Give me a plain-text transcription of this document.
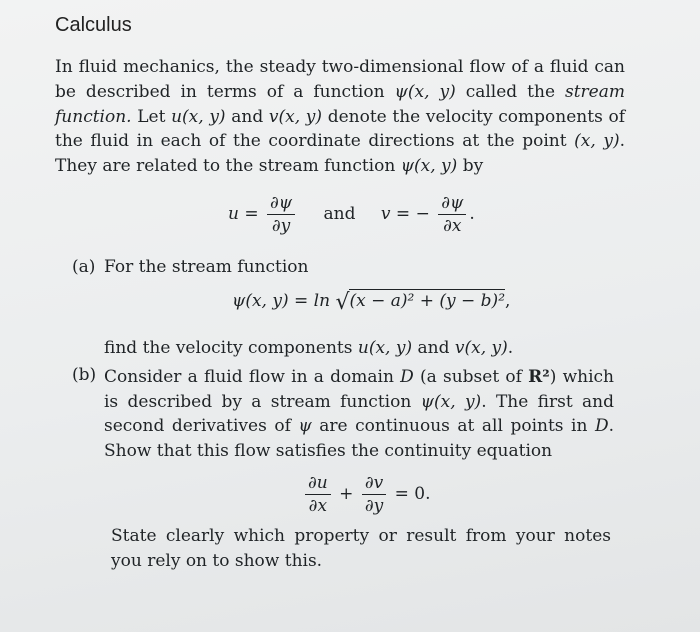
Calculus

In fluid mechanics, the steady two-dimensional flow of a fluid can be described in terms of a function ψ(x, y) called the stream function. Let u(x, y) and v(x, y) denote the velocity components of the fluid in each of the coordinate directions at the point (x, y). They are related to the stream function ψ(x, y) by

$u = \frac{\partial\psi}{\partial y}$ and v = − $\frac{\partial\psi}{\partial x}$ .
(a) For the stream function
ψ(x, y) = ln √(x − a)² + (y − b)²,
find the velocity components u(x, y) and v(x, y).
(b) Consider a fluid flow in a domain D (a subset of R²) which is described by a stream function ψ(x, y). The first and second derivatives of ψ are continuous at all points in D. Show that this flow satisfies the continuity equation
$\frac{\partial u}{\partial x} + \frac{\partial v}{\partial y} = 0$.
State clearly which property or result from your notes you rely on to show this.
